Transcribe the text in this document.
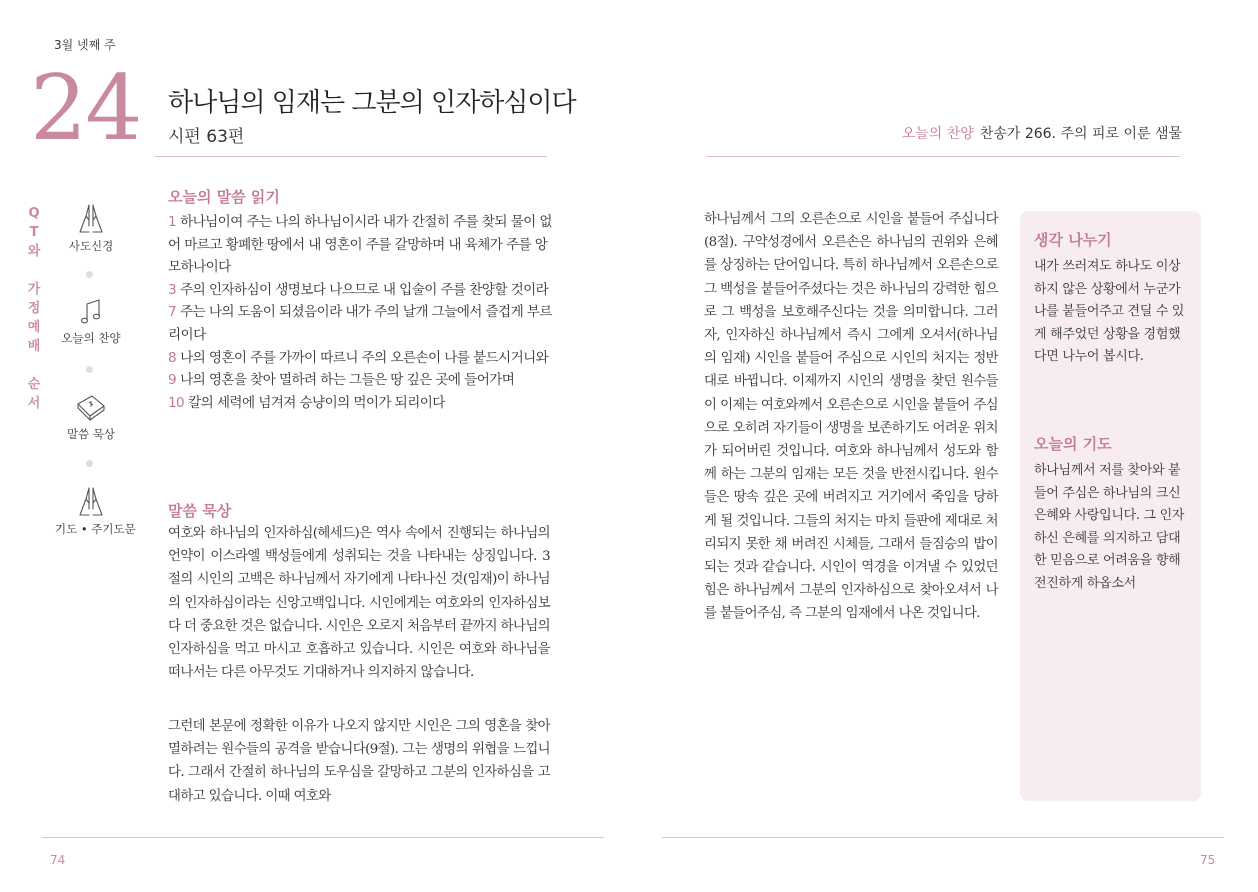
3월 넷째 주
24 하나님의 임재는 그분의 인자하심이다
시편 63편	오늘의 찬양 찬송가 266. 주의 피로 이룬 샘물
Q
T
와
가
정
예
배
순
서
사도신경
오늘의 찬양
말씀 묵상
기도 • 주기도문
오늘의 말씀 읽기
1 하나님이여 주는 나의 하나님이시라 내가 간절히 주를 찾되 물이 없어 마르고 황폐한 땅에서 내 영혼이 주를 갈망하며 내 육체가 주를 앙모하나이다
3 주의 인자하심이 생명보다 나으므로 내 입술이 주를 찬양할 것이라
7 주는 나의 도움이 되셨음이라 내가 주의 날개 그늘에서 즐겁게 부르리이다
8 나의 영혼이 주를 가까이 따르니 주의 오른손이 나를 붙드시거니와
9 나의 영혼을 찾아 멸하려 하는 그들은 땅 깊은 곳에 들어가며
10 칼의 세력에 넘겨져 승냥이의 먹이가 되리이다
말씀 묵상
여호와 하나님의 인자하심(헤세드)은 역사 속에서 진행되는 하나님의 언약이 이스라엘 백성들에게 성취되는 것을 나타내는 상징입니다. 3절의 시인의 고백은 하나님께서 자기에게 나타나신 것(임재)이 하나님의 인자하심이라는 신앙고백입니다. 시인에게는 여호와의 인자하심보다 더 중요한 것은 없습니다. 시인은 오로지 처음부터 끝까지 하나님의 인자하심을 먹고 마시고 호흡하고 있습니다. 시인은 여호와 하나님을 떠나서는 다른 아무것도 기대하거나 의지하지 않습니다.
그런데 본문에 정확한 이유가 나오지 않지만 시인은 그의 영혼을 찾아 멸하려는 원수들의 공격을 받습니다(9절). 그는 생명의 위협을 느낍니다. 그래서 간절히 하나님의 도우심을 갈망하고 그분의 인자하심을 고대하고 있습니다. 이때 여호와
하나님께서 그의 오른손으로 시인을 붙들어 주십니다(8절). 구약성경에서 오른손은 하나님의 권위와 은혜를 상징하는 단어입니다. 특히 하나님께서 오른손으로 그 백성을 붙들어주셨다는 것은 하나님의 강력한 힘으로 그 백성을 보호해주신다는 것을 의미합니다. 그러자, 인자하신 하나님께서 즉시 그에게 오셔서(하나님의 임재) 시인을 붙들어 주심으로 시인의 처지는 정반대로 바뀝니다. 이제까지 시인의 생명을 찾던 원수들이 이제는 여호와께서 오른손으로 시인을 붙들어 주심으로 오히려 자기들이 생명을 보존하기도 어려운 위치가 되어버린 것입니다. 여호와 하나님께서 성도와 함께 하는 그분의 임재는 모든 것을 반전시킵니다. 원수들은 땅속 깊은 곳에 버려지고 거기에서 죽임을 당하게 될 것입니다. 그들의 처지는 마치 들판에 제대로 처리되지 못한 채 버려진 시체들, 그래서 들짐승의 밥이 되는 것과 같습니다. 시인이 역경을 이겨낼 수 있었던 힘은 하나님께서 그분의 인자하심으로 찾아오셔서 나를 붙들어주심, 즉 그분의 임재에서 나온 것입니다.
생각 나누기
내가 쓰러져도 하나도 이상하지 않은 상황에서 누군가 나를 붙들어주고 견딜 수 있게 해주었던 상황을 경험했다면 나누어 봅시다.
오늘의 기도
하나님께서 저를 찾아와 붙들어 주심은 하나님의 크신 은혜와 사랑입니다. 그 인자하신 은혜를 의지하고 담대한 믿음으로 어려움을 향해 전진하게 하옵소서
74	75
